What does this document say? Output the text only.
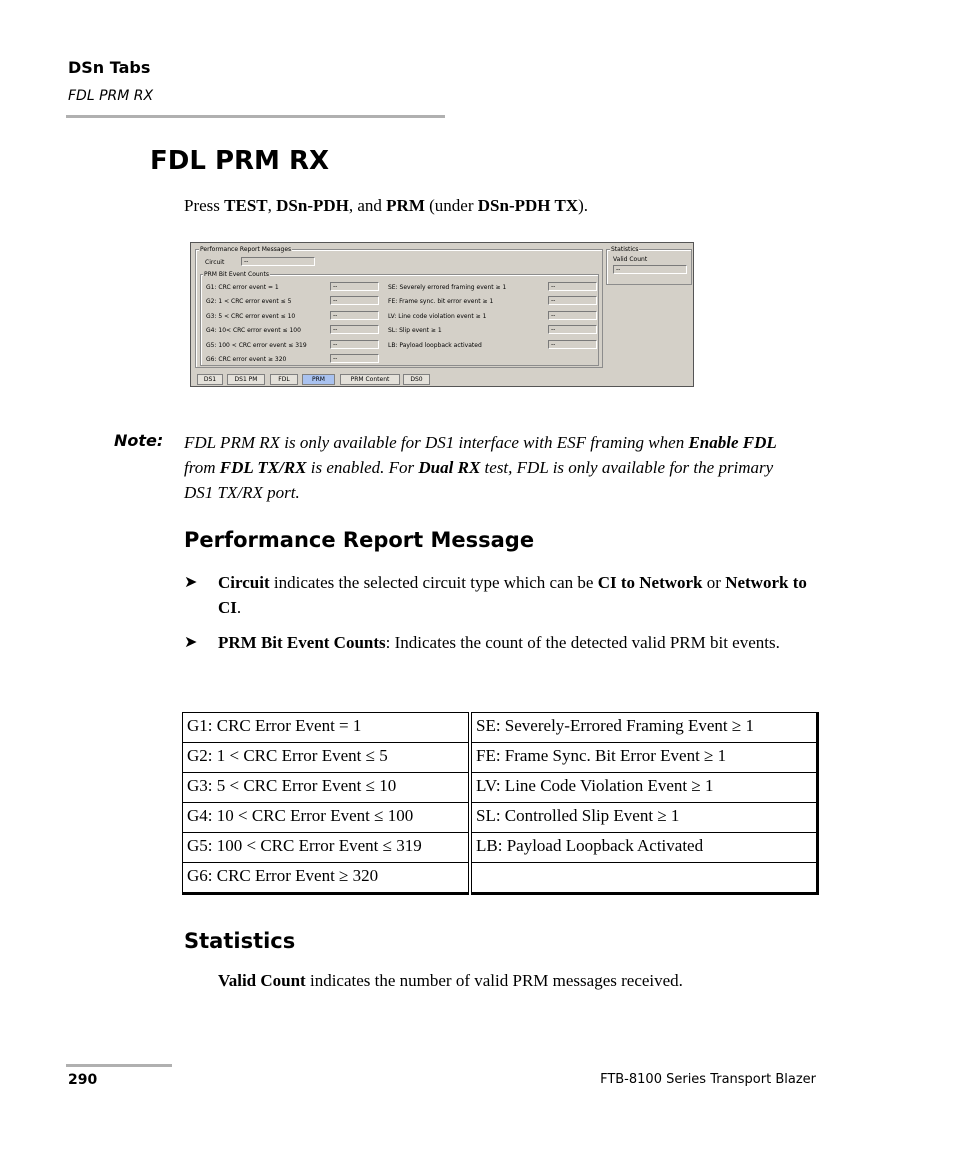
DSn Tabs
FDL PRM RX
FDL PRM RX
Press TEST, DSn-PDH, and PRM (under DSn-PDH TX).
Performance Report Messages
Circuit	--
PRM Bit Event Counts
G1: CRC error event = 1	--
G2: 1 < CRC error event ≤ 5	--
G3: 5 < CRC error event ≤ 10	--
G4: 10< CRC error event ≤ 100	--
G5: 100 < CRC error event ≤ 319	--
G6: CRC error event ≥ 320	--
SE: Severely errored framing event ≥ 1	--
FE: Frame sync. bit error event ≥ 1	--
LV: Line code violation event ≥ 1	--
SL: Slip event ≥ 1	--
LB: Payload loopback activated	--
Statistics
Valid Count
--
DS1	DS1 PM	FDL	PRM	PRM Content	DS0
Note: FDL PRM RX is only available for DS1 interface with ESF framing when Enable FDL from FDL TX/RX is enabled. For Dual RX test, FDL is only available for the primary DS1 TX/RX port.
Performance Report Message
➤ Circuit indicates the selected circuit type which can be CI to Network or Network to CI.
➤ PRM Bit Event Counts: Indicates the count of the detected valid PRM bit events.
G1: CRC Error Event = 1	SE: Severely-Errored Framing Event ≥ 1
G2: 1 < CRC Error Event ≤ 5	FE: Frame Sync. Bit Error Event ≥ 1
G3: 5 < CRC Error Event ≤ 10	LV: Line Code Violation Event ≥ 1
G4: 10 < CRC Error Event ≤ 100	SL: Controlled Slip Event ≥ 1
G5: 100 < CRC Error Event ≤ 319	LB: Payload Loopback Activated
G6: CRC Error Event ≥ 320	
Statistics
Valid Count indicates the number of valid PRM messages received.
290	FTB-8100 Series Transport Blazer
